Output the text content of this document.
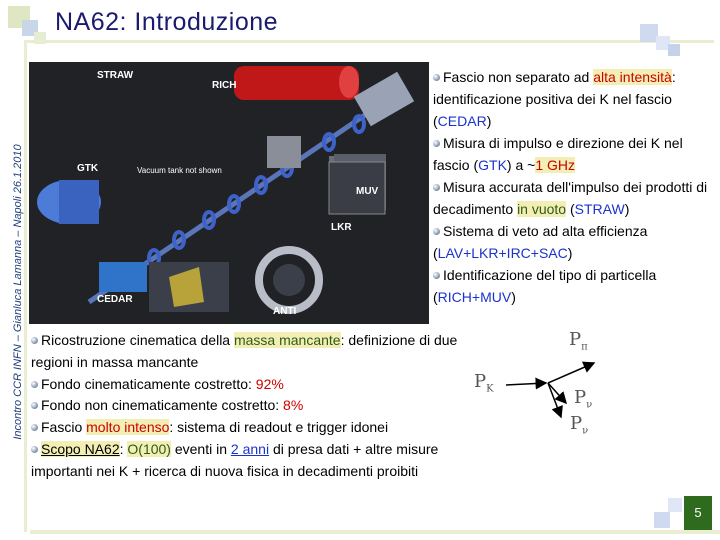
NA62: Introduzione
Incontro CCR INFN – Gianluca Lamanna – Napoli 26.1.2010
STRAW
RICH
GTK	Vacuum tank not shown
MUV
LKR
CEDAR
ANTI
Fascio non separato ad alta intensità: identificazione positiva dei K nel fascio (CEDAR)
Misura di impulso e direzione dei K nel fascio (GTK) a ~1 GHz
Misura accurata dell'impulso dei prodotti di decadimento in vuoto (STRAW)
Sistema di veto ad alta efficienza (LAV+LKR+IRC+SAC)
Identificazione del tipo di particella (RICH+MUV)
Ricostruzione cinematica della massa mancante: definizione di due regioni in massa mancante
Fondo cinematicamente costretto: 92%
Fondo non cinematicamente costretto: 8%
Fascio molto intenso: sistema di readout e trigger idonei
Scopo NA62: O(100) eventi in 2 anni di presa dati + altre misure importanti nei K + ricerca di nuova fisica in decadimenti proibiti
$P_\pi$
$P_K$	$P_\nu$
$P_\nu$
5
